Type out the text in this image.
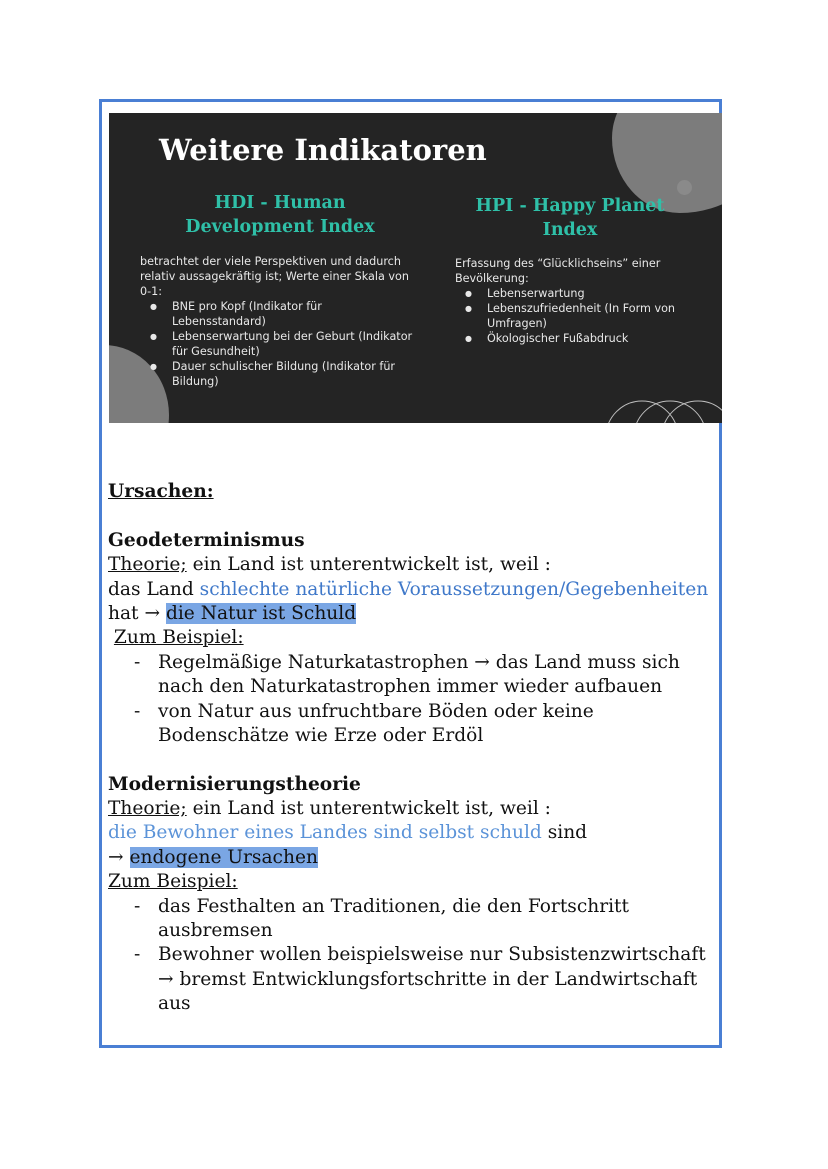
Weitere Indikatoren
HDI - Human
Development Index
HPI - Happy Planet
Index
betrachtet der viele Perspektiven und dadurch
relativ aussagekräftig ist; Werte einer Skala von
0-1:
● BNE pro Kopf (Indikator für
Lebensstandard)
● Lebenserwartung bei der Geburt (Indikator
für Gesundheit)
● Dauer schulischer Bildung (Indikator für
Bildung)
Erfassung des “Glücklichseins” einer
Bevölkerung:
● Lebenserwartung
● Lebenszufriedenheit (In Form von
Umfragen)
● Ökologischer Fußabdruck
Ursachen:
Geodeterminismus
Theorie; ein Land ist unterentwickelt ist, weil :
das Land schlechte natürliche Voraussetzungen/Gegebenheiten
hat → die Natur ist Schuld
Zum Beispiel:
- Regelmäßige Naturkatastrophen → das Land muss sich
nach den Naturkatastrophen immer wieder aufbauen
- von Natur aus unfruchtbare Böden oder keine
Bodenschätze wie Erze oder Erdöl
Modernisierungstheorie
Theorie; ein Land ist unterentwickelt ist, weil :
die Bewohner eines Landes sind selbst schuld sind
→ endogene Ursachen
Zum Beispiel:
- das Festhalten an Traditionen, die den Fortschritt
ausbremsen
- Bewohner wollen beispielsweise nur Subsistenzwirtschaft
→ bremst Entwicklungsfortschritte in der Landwirtschaft
aus
